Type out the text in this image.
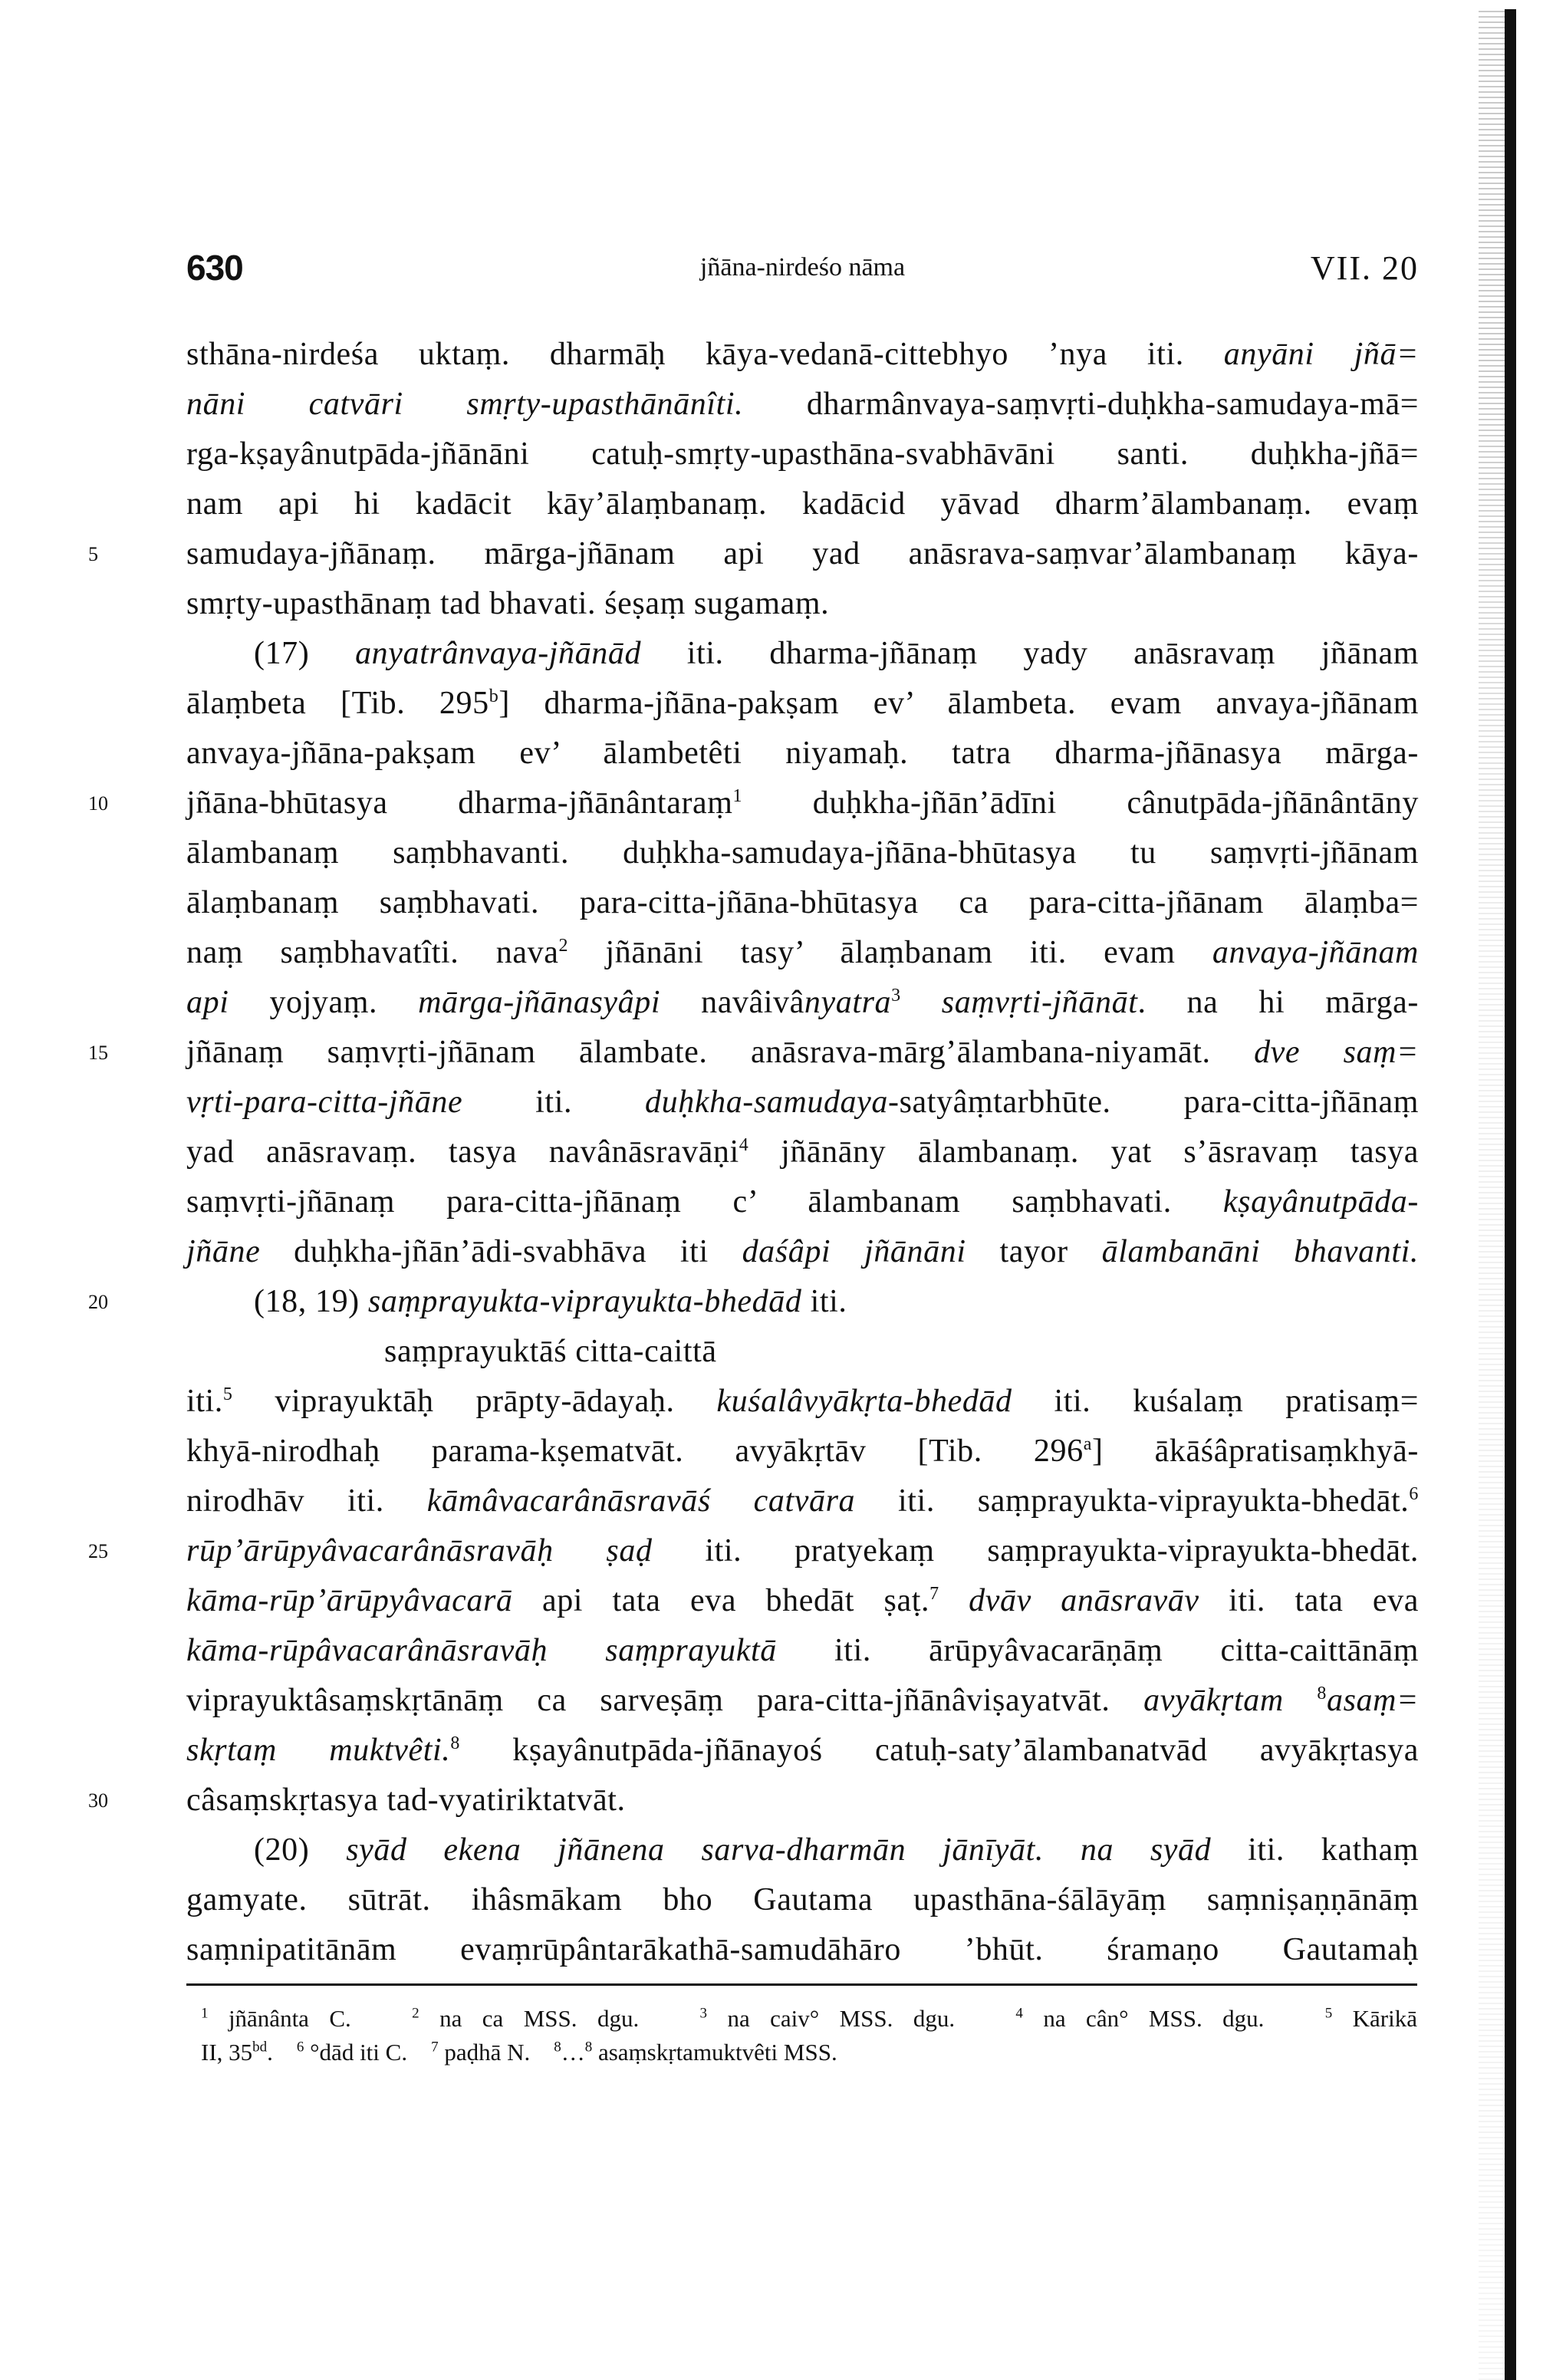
630	jñāna-nirdeśo nāma	VII. 20
sthāna-nirdeśa uktaṃ. dharmāḥ kāya-vedanā-cittebhyo ’nya iti. anyāni jñā=
nāni catvāri smṛty-upasthānānîti. dharmânvaya-saṃvṛti-duḥkha-samudaya-mā=
rga-kṣayânutpāda-jñānāni catuḥ-smṛty-upasthāna-svabhāvāni santi. duḥkha-jñā=
nam api hi kadācit kāy’ālaṃbanaṃ. kadācid yāvad dharm’ālambanaṃ. evaṃ
5	samudaya-jñānaṃ. mārga-jñānam api yad anāsrava-saṃvar’ālambanaṃ kāya-
smṛty-upasthānaṃ tad bhavati. śeṣaṃ sugamaṃ.
(17) anyatrânvaya-jñānād iti. dharma-jñānaṃ yady anāsravaṃ jñānam
ālaṃbeta [Tib. 295$^b$] dharma-jñāna-pakṣam ev’ ālambeta. evam anvaya-jñānam
anvaya-jñāna-pakṣam ev’ ālambetêti niyamaḥ. tatra dharma-jñānasya mārga-
10	jñāna-bhūtasya dharma-jñānântaraṃ$^1$ duḥkha-jñān’ādīni cânutpāda-jñānântāny
ālambanaṃ saṃbhavanti. duḥkha-samudaya-jñāna-bhūtasya tu saṃvṛti-jñānam
ālaṃbanaṃ saṃbhavati. para-citta-jñāna-bhūtasya ca para-citta-jñānam ālaṃba=
naṃ saṃbhavatîti. nava$^2$ jñānāni tasy’ ālaṃbanam iti. evam anvaya-jñānam
api yojyaṃ. mārga-jñānasyâpi navâivânyatra$^3$ saṃvṛti-jñānāt. na hi mārga-
15	jñānaṃ saṃvṛti-jñānam ālambate. anāsrava-mārg’ālambana-niyamāt. dve saṃ=
vṛti-para-citta-jñāne iti. duḥkha-samudaya-satyâṃtarbhūte. para-citta-jñānaṃ
yad anāsravaṃ. tasya navânāsravāṇi$^4$ jñānāny ālambanaṃ. yat s’āsravaṃ tasya
saṃvṛti-jñānaṃ para-citta-jñānaṃ c’ ālambanam saṃbhavati. kṣayânutpāda-
jñāne duḥkha-jñān’ādi-svabhāva iti daśâpi jñānāni tayor ālambanāni bhavanti.
20	(18, 19) saṃprayukta-viprayukta-bhedād iti.
saṃprayuktāś citta-caittā
iti.$^5$ viprayuktāḥ prāpty-ādayaḥ. kuśalâvyākṛta-bhedād iti. kuśalaṃ pratisaṃ=
khyā-nirodhaḥ parama-kṣematvāt. avyākṛtāv [Tib. 296$^a$] ākāśâpratisaṃkhyā-
nirodhāv iti. kāmâvacarânāsravāś catvāra iti. saṃprayukta-viprayukta-bhedāt.$^6$
25	rūp’ārūpyâvacarânāsravāḥ ṣaḍ iti. pratyekaṃ saṃprayukta-viprayukta-bhedāt.
kāma-rūp’ārūpyâvacarā api tata eva bhedāt ṣaṭ.$^7$ dvāv anāsravāv iti. tata eva
kāma-rūpâvacarânāsravāḥ saṃprayuktā iti. ārūpyâvacarāṇāṃ citta-caittānāṃ
viprayuktâsaṃskṛtānāṃ ca sarveṣāṃ para-citta-jñānâviṣayatvāt. avyākṛtam $^8$asaṃ=
skṛtaṃ muktvêti.$^8$ kṣayânutpāda-jñānayoś catuḥ-saty’ālambanatvād avyākṛtasya
30	câsaṃskṛtasya tad-vyatiriktatvāt.
(20) syād ekena jñānena sarva-dharmān jānīyāt. na syād iti. kathaṃ
gamyate. sūtrāt. ihâsmākam bho Gautama upasthāna-śālāyāṃ saṃniṣaṇṇānāṃ
saṃnipatitānām evaṃrūpântarākathā-samudāhāro ’bhūt. śramaṇo Gautamaḥ
$^1$ jñānânta C.   $^2$ na ca MSS. dgu.   $^3$ na caiv° MSS. dgu.   $^4$ na cân° MSS. dgu.   $^5$ Kārikā
II, $35^{bd}$.    $^6$ °dād iti C.    $^7$ paḍhā N.    $^8$…$^8$ asaṃskṛtamuktvêti MSS.
